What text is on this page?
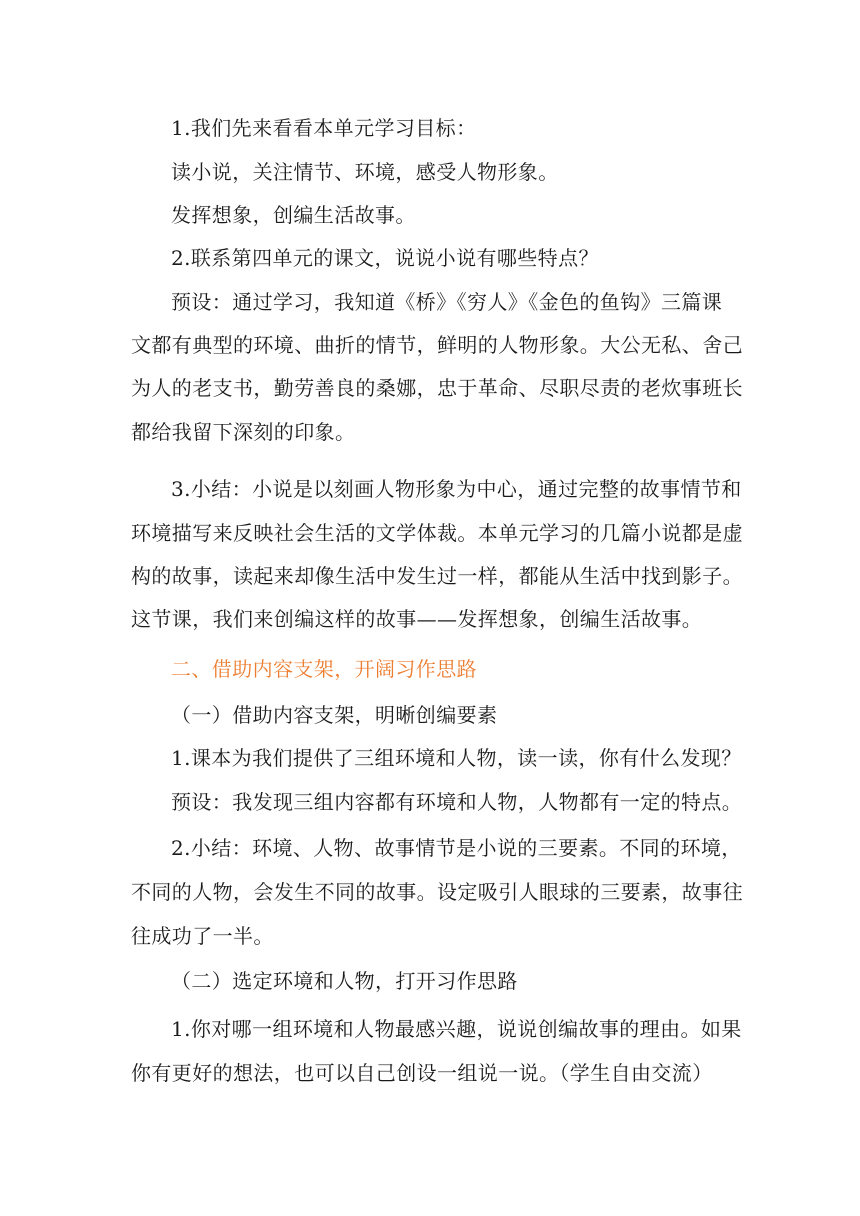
1.我们先来看看本单元学习目标：
读小说，关注情节、环境，感受人物形象。
发挥想象，创编生活故事。
2.联系第四单元的课文，说说小说有哪些特点？
预设：通过学习，我知道《桥》《穷人》《金色的鱼钩》三篇课
文都有典型的环境、曲折的情节，鲜明的人物形象。大公无私、舍己
为人的老支书，勤劳善良的桑娜，忠于革命、尽职尽责的老炊事班长
都给我留下深刻的印象。
3.小结：小说是以刻画人物形象为中心，通过完整的故事情节和
环境描写来反映社会生活的文学体裁。本单元学习的几篇小说都是虚
构的故事，读起来却像生活中发生过一样，都能从生活中找到影子。
这节课，我们来创编这样的故事——发挥想象，创编生活故事。
二、借助内容支架，开阔习作思路
（一）借助内容支架，明晰创编要素
1.课本为我们提供了三组环境和人物，读一读，你有什么发现？
预设：我发现三组内容都有环境和人物，人物都有一定的特点。
2.小结：环境、人物、故事情节是小说的三要素。不同的环境，
不同的人物，会发生不同的故事。设定吸引人眼球的三要素，故事往
往成功了一半。
（二）选定环境和人物，打开习作思路
1.你对哪一组环境和人物最感兴趣，说说创编故事的理由。如果
你有更好的想法，也可以自己创设一组说一说。（学生自由交流）
